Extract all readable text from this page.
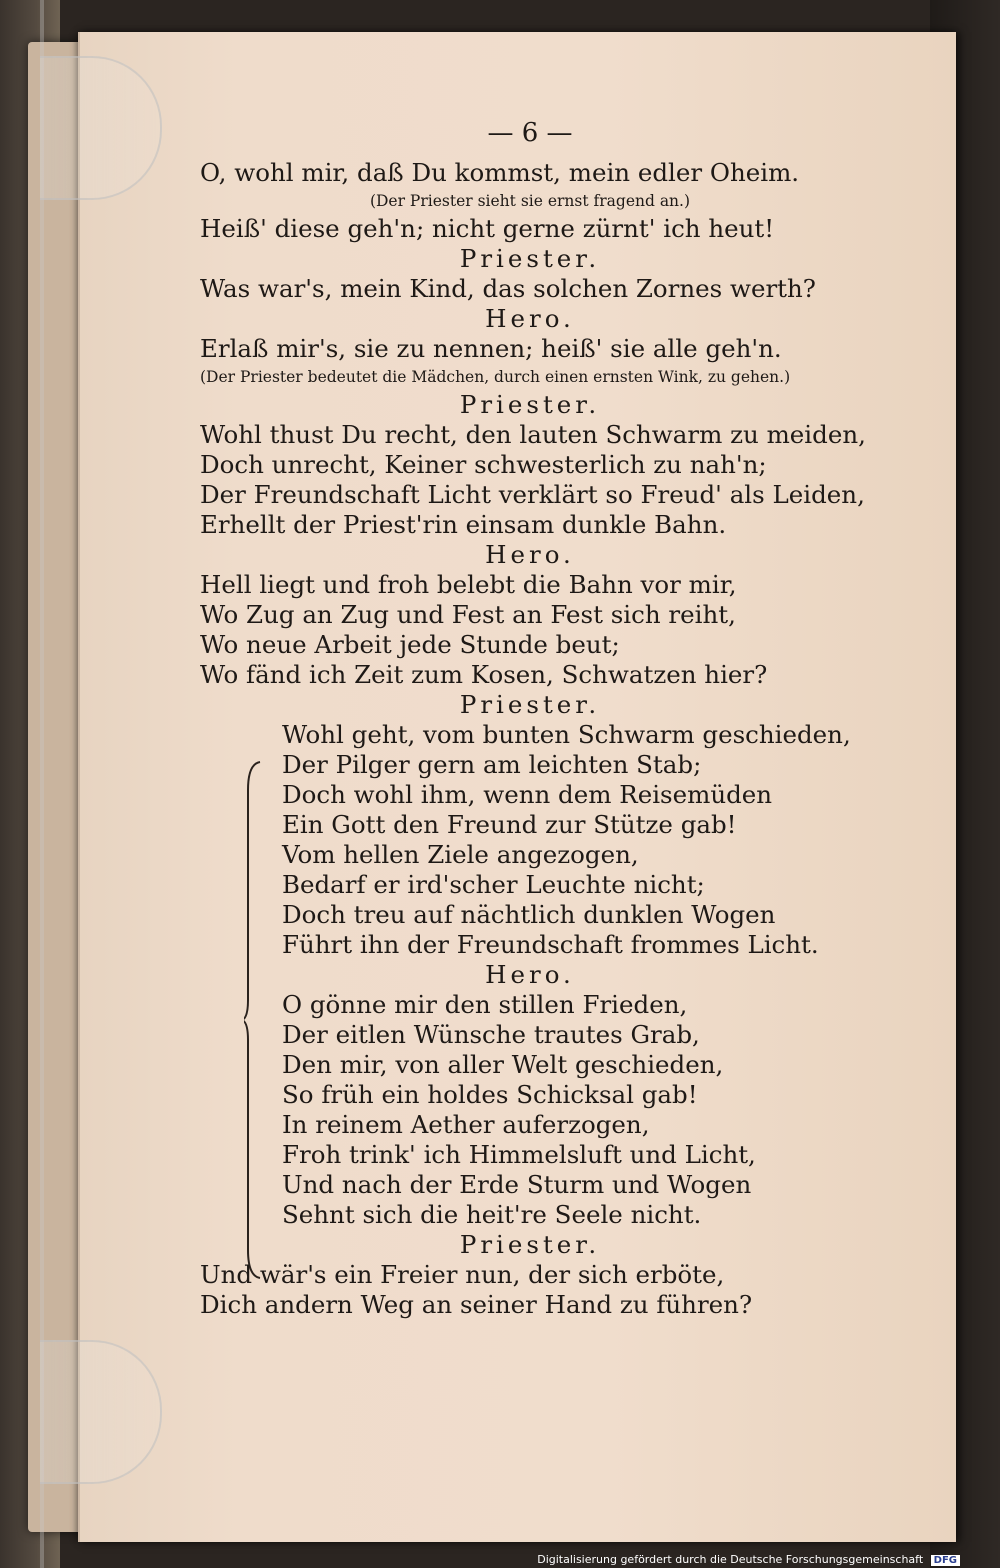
— 6 —
O, wohl mir, daß Du kommst, mein edler Oheim.
(Der Priester sieht sie ernst fragend an.)
Heiß' diese geh'n; nicht gerne zürnt' ich heut!
Priester.
Was war's, mein Kind, das solchen Zornes werth?
Hero.
Erlaß mir's, sie zu nennen; heiß' sie alle geh'n.
(Der Priester bedeutet die Mädchen, durch einen ernsten Wink, zu gehen.)
Priester.
Wohl thust Du recht, den lauten Schwarm zu meiden,
Doch unrecht, Keiner schwesterlich zu nah'n;
Der Freundschaft Licht verklärt so Freud' als Leiden,
Erhellt der Priest'rin einsam dunkle Bahn.
Hero.
Hell liegt und froh belebt die Bahn vor mir,
Wo Zug an Zug und Fest an Fest sich reiht,
Wo neue Arbeit jede Stunde beut;
Wo fänd ich Zeit zum Kosen, Schwatzen hier?
Priester.
Wohl geht, vom bunten Schwarm geschieden,
Der Pilger gern am leichten Stab;
Doch wohl ihm, wenn dem Reisemüden
Ein Gott den Freund zur Stütze gab!
Vom hellen Ziele angezogen,
Bedarf er ird'scher Leuchte nicht;
Doch treu auf nächtlich dunklen Wogen
Führt ihn der Freundschaft frommes Licht.
Hero.
O gönne mir den stillen Frieden,
Der eitlen Wünsche trautes Grab,
Den mir, von aller Welt geschieden,
So früh ein holdes Schicksal gab!
In reinem Aether auferzogen,
Froh trink' ich Himmelsluft und Licht,
Und nach der Erde Sturm und Wogen
Sehnt sich die heit're Seele nicht.
Priester.
Und wär's ein Freier nun, der sich erböte,
Dich andern Weg an seiner Hand zu führen?
Digitalisierung gefördert durch die Deutsche Forschungsgemeinschaft DFG
